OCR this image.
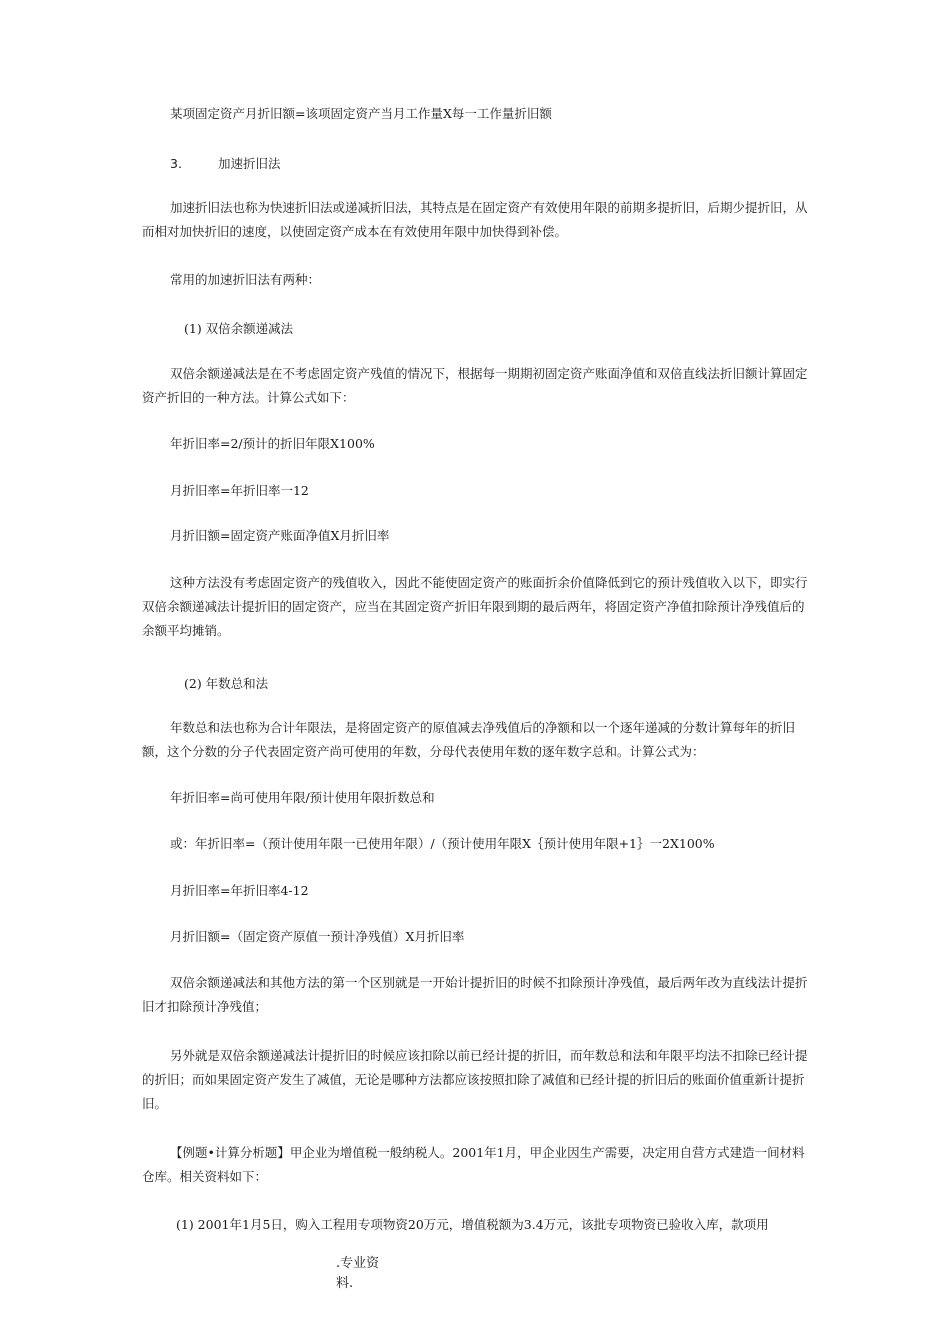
某项固定资产月折旧额=该项固定资产当月工作量X每一工作量折旧额

3.	加速折旧法

加速折旧法也称为快速折旧法或递减折旧法，其特点是在固定资产有效使用年限的前期多提折旧，后期少提折旧，从而相对加快折旧的速度，以使固定资产成本在有效使用年限中加快得到补偿。

常用的加速折旧法有两种：

(1) 双倍余额递减法

双倍余额递减法是在不考虑固定资产残值的情况下，根据每一期期初固定资产账面净值和双倍直线法折旧额计算固定资产折旧的一种方法。计算公式如下：

年折旧率=2/预计的折旧年限X100%

月折旧率=年折旧率一12

月折旧额=固定资产账面净值X月折旧率

这种方法没有考虑固定资产的残值收入，因此不能使固定资产的账面折余价值降低到它的预计残值收入以下，即实行双倍余额递减法计提折旧的固定资产，应当在其固定资产折旧年限到期的最后两年，将固定资产净值扣除预计净残值后的余额平均摊销。

(2) 年数总和法

年数总和法也称为合计年限法，是将固定资产的原值减去净残值后的净额和以一个逐年递减的分数计算每年的折旧额，这个分数的分子代表固定资产尚可使用的年数，分母代表使用年数的逐年数字总和。计算公式为：

年折旧率=尚可使用年限/预计使用年限折数总和

或：年折旧率=（预计使用年限一已使用年限）/（预计使用年限X｛预计使用年限+1｝一2X100%

月折旧率=年折旧率4-12

月折旧额=（固定资产原值一预计净残值）X月折旧率

双倍余额递减法和其他方法的第一个区别就是一开始计提折旧的时候不扣除预计净残值，最后两年改为直线法计提折旧才扣除预计净残值；

另外就是双倍余额递减法计提折旧的时候应该扣除以前已经计提的折旧，而年数总和法和年限平均法不扣除已经计提的折旧；而如果固定资产发生了减值，无论是哪种方法都应该按照扣除了减值和已经计提的折旧后的账面价值重新计提折旧。

【例题•计算分析题】甲企业为增值税一般纳税人。2001年1月，甲企业因生产需要，决定用自营方式建造一间材料仓库。相关资料如下：

(1) 2001年1月5日，购入工程用专项物资20万元，增值税额为3.4万元，该批专项物资已验收入库，款项用

.专业资
料.
